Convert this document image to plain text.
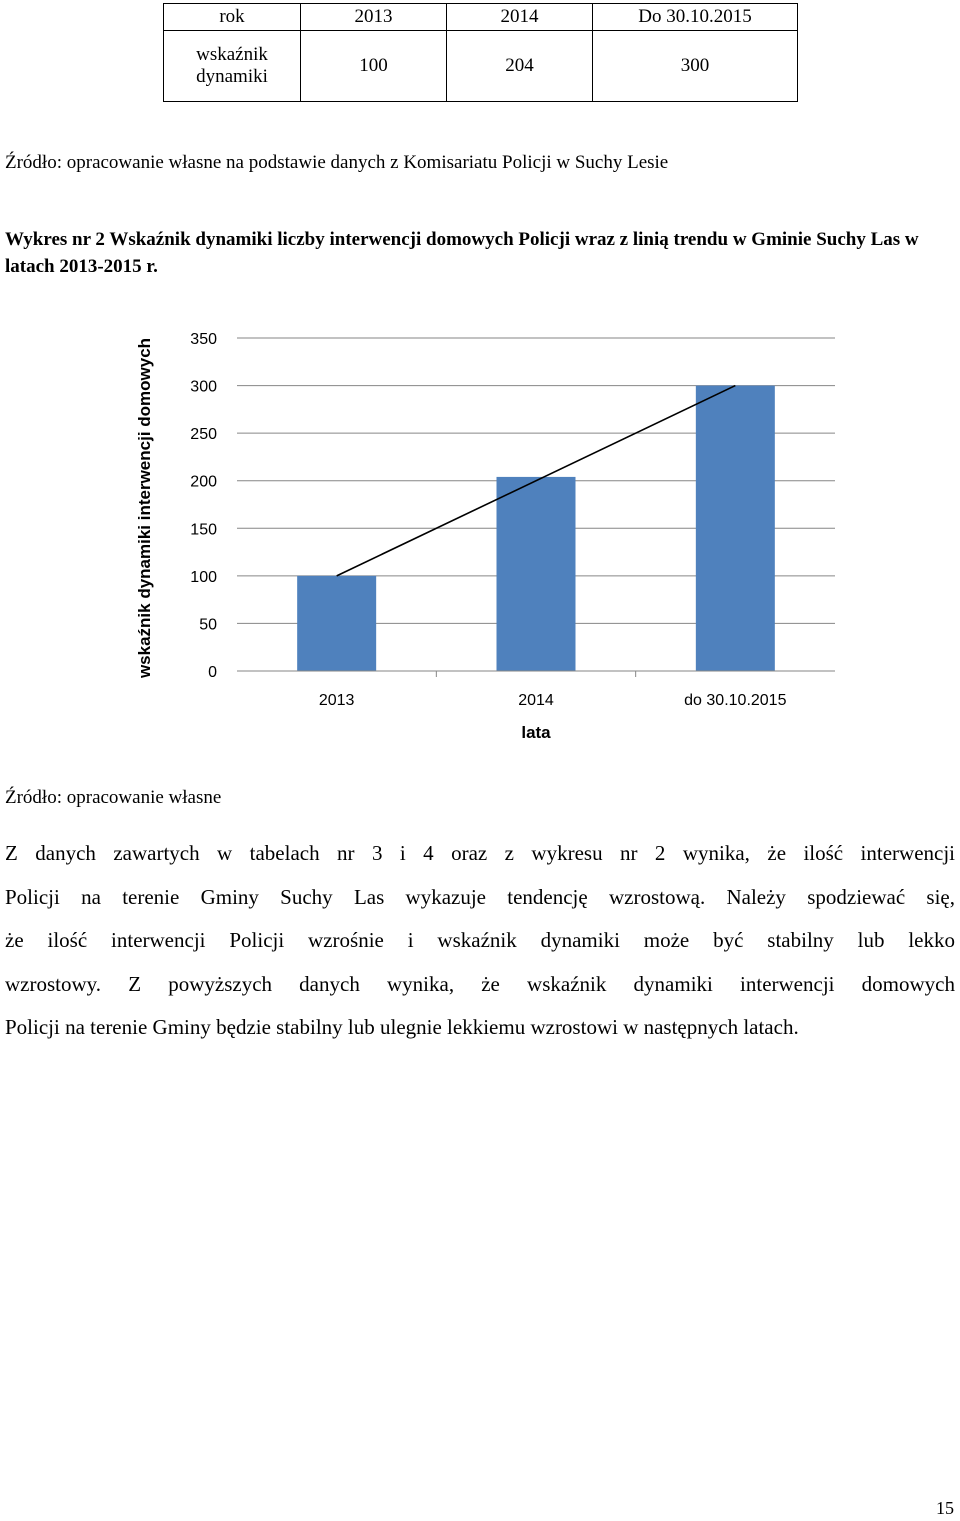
rok	2013	2014	Do 30.10.2015
wskaźnik dynamiki	100	204	300
Źródło: opracowanie własne na podstawie danych z Komisariatu Policji w Suchy Lesie
Wykres nr 2 Wskaźnik dynamiki liczby interwencji domowych Policji wraz z linią trendu w Gminie Suchy Las w latach 2013-2015 r.
0
50
100
150
200
250
300
350
2013	2014	do 30.10.2015
lata
wskaźnik dynamiki interwencji domowych
Źródło: opracowanie własne
Z danych zawartych w tabelach nr 3 i 4 oraz z wykresu nr 2 wynika, że ilość interwencji
Policji na terenie Gminy Suchy Las wykazuje tendencję wzrostową. Należy spodziewać się,
że ilość interwencji Policji wzrośnie i wskaźnik dynamiki może być stabilny lub lekko
wzrostowy. Z powyższych danych wynika, że wskaźnik dynamiki interwencji domowych
Policji na terenie Gminy będzie stabilny lub ulegnie lekkiemu wzrostowi w następnych latach.
15
